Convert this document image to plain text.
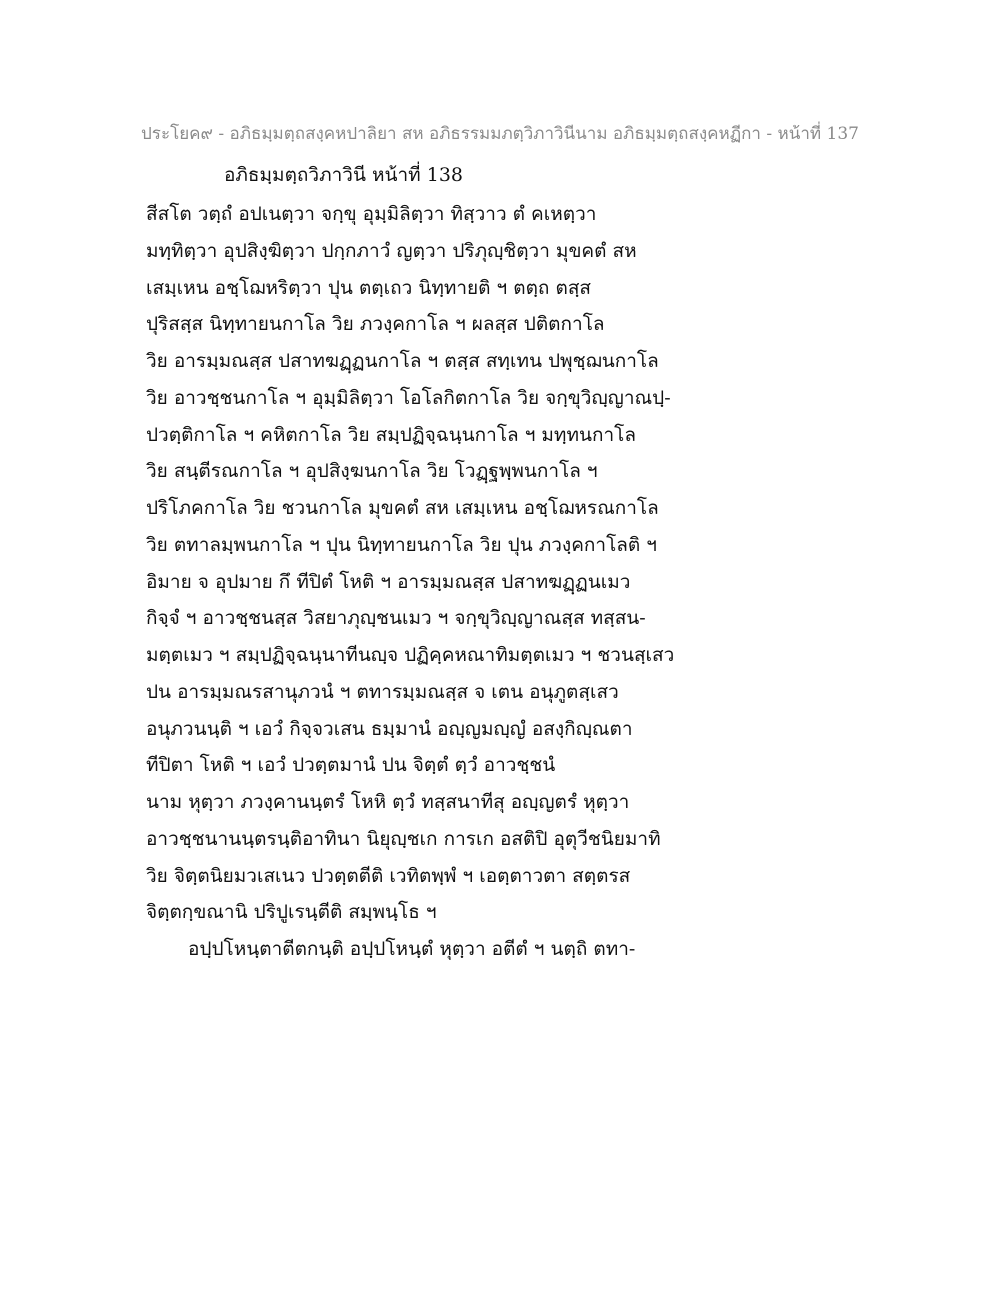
ประโยค๙ - อภิธมฺมตฺถสงฺคหปาลิยา สห อภิธรรมมภตฺวิภาวินีนาม อภิธมฺมตฺถสงฺคหฏีกา - หน้าที่ 137
อภิธมฺมตฺถวิภาวินี หน้าที่ 138
สีสโต วตฺถํ อปเนตฺวา จกฺขุ อุมฺมิลิตฺวา ทิสฺวาว ตํ คเหตฺวา
มทฺทิตฺวา อุปสิงฺฆิตฺวา ปกฺกภาวํ ญตฺวา ปริภุญฺชิตฺวา มุขคตํ สห
เสมฺเหน อชฺโฌหริตฺวา ปุน ตตฺเถว นิทฺทายติ ฯ ตตฺถ ตสฺส
ปุริสสฺส นิทฺทายนกาโล วิย ภวงฺคกาโล ฯ ผลสฺส ปติตกาโล
วิย อารมฺมณสฺส ปสาทฆฏฺฏนกาโล ฯ ตสฺส สทฺเทน ปพุชฺฌนกาโล
วิย อาวชฺชนกาโล ฯ อุมฺมิลิตฺวา โอโลกิตกาโล วิย จกฺขุวิญฺญาณปฺ-
ปวตฺติกาโล ฯ คหิตกาโล วิย สมฺปฏิจฺฉนฺนกาโล ฯ มทฺทนกาโล
วิย สนฺตีรณกาโล ฯ อุปสิงฺฆนกาโล วิย โวฏฺฐพฺพนกาโล ฯ
ปริโภคกาโล วิย ชวนกาโล มุขคตํ สห เสมฺเหน อชฺโฌหรณกาโล
วิย ตทาลมฺพนกาโล ฯ ปุน นิทฺทายนกาโล วิย ปุน ภวงฺคกาโลติ ฯ
อิมาย จ อุปมาย กึ ทีปิตํ โหติ ฯ อารมฺมณสฺส ปสาทฆฏฺฏนเมว
กิจฺจํ ฯ อาวชฺชนสฺส วิสยาภุญฺชนเมว ฯ จกฺขุวิญฺญาณสฺส ทสฺสน-
มตฺตเมว ฯ สมฺปฏิจฺฉนฺนาทีนญฺจ ปฏิคฺคหณาทิมตฺตเมว ฯ ชวนสฺเสว
ปน อารมฺมณรสานุภวนํ ฯ ตทารมฺมณสฺส จ เตน อนุภูตสฺเสว
อนุภวนนฺติ ฯ เอวํ กิจฺจวเสน ธมฺมานํ อญฺญมญฺญํ อสงฺกิญฺณตา
ทีปิตา โหติ ฯ เอวํ ปวตฺตมานํ ปน จิตฺตํ ตฺวํ อาวชฺชนํ
นาม หุตฺวา ภวงฺคานนฺตรํ โหหิ ตฺวํ ทสฺสนาทีสุ อญฺญตรํ หุตฺวา
อาวชฺชนานนฺตรนฺติอาทินา นิยุญฺชเก การเก อสติปิ อุตุวีชนิยมาทิ
วิย จิตฺตนิยมวเสเนว ปวตฺตตีติ เวทิตพฺพํ ฯ เอตฺตาวตา สตฺตรส
จิตฺตกฺขณานิ ปริปูเรนฺตีติ สมฺพนฺโธ ฯ
อปฺปโหนฺตาตีตกนฺติ อปฺปโหนฺตํ หุตฺวา อตีตํ ฯ นตฺถิ ตทา-
